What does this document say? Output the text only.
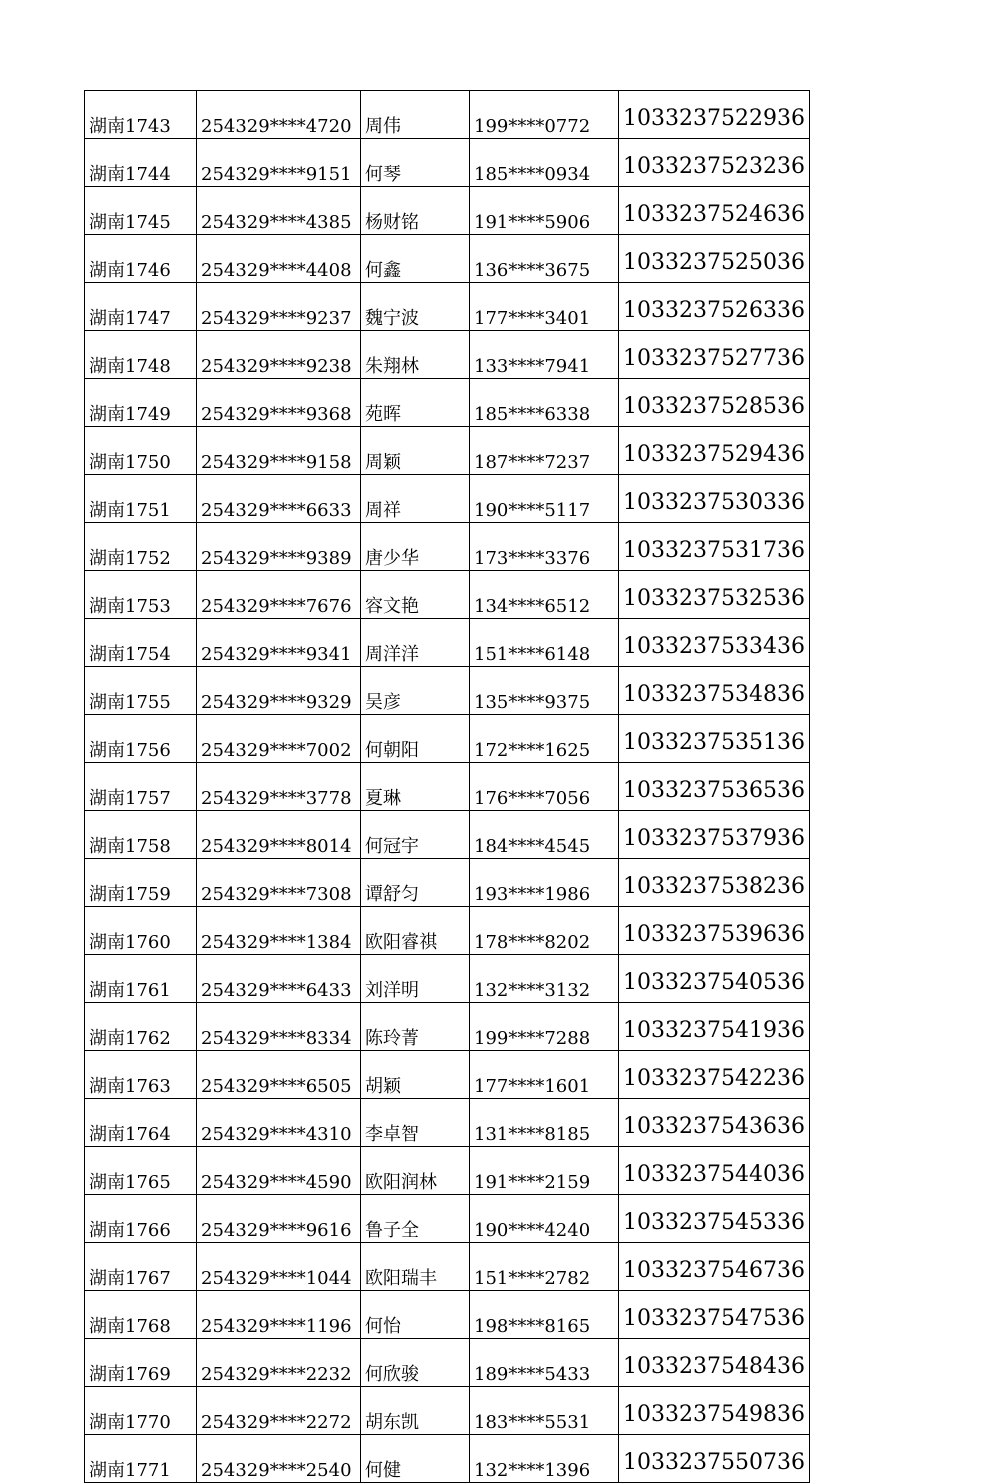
湖南1743	254329****4720	周伟	199****0772	1033237522936
湖南1744	254329****9151	何琴	185****0934	1033237523236
湖南1745	254329****4385	杨财铭	191****5906	1033237524636
湖南1746	254329****4408	何鑫	136****3675	1033237525036
湖南1747	254329****9237	魏宁波	177****3401	1033237526336
湖南1748	254329****9238	朱翔林	133****7941	1033237527736
湖南1749	254329****9368	苑晖	185****6338	1033237528536
湖南1750	254329****9158	周颖	187****7237	1033237529436
湖南1751	254329****6633	周祥	190****5117	1033237530336
湖南1752	254329****9389	唐少华	173****3376	1033237531736
湖南1753	254329****7676	容文艳	134****6512	1033237532536
湖南1754	254329****9341	周洋洋	151****6148	1033237533436
湖南1755	254329****9329	吴彦	135****9375	1033237534836
湖南1756	254329****7002	何朝阳	172****1625	1033237535136
湖南1757	254329****3778	夏琳	176****7056	1033237536536
湖南1758	254329****8014	何冠宇	184****4545	1033237537936
湖南1759	254329****7308	谭舒匀	193****1986	1033237538236
湖南1760	254329****1384	欧阳睿祺	178****8202	1033237539636
湖南1761	254329****6433	刘洋明	132****3132	1033237540536
湖南1762	254329****8334	陈玲菁	199****7288	1033237541936
湖南1763	254329****6505	胡颖	177****1601	1033237542236
湖南1764	254329****4310	李卓智	131****8185	1033237543636
湖南1765	254329****4590	欧阳润林	191****2159	1033237544036
湖南1766	254329****9616	鲁子全	190****4240	1033237545336
湖南1767	254329****1044	欧阳瑞丰	151****2782	1033237546736
湖南1768	254329****1196	何怡	198****8165	1033237547536
湖南1769	254329****2232	何欣骏	189****5433	1033237548436
湖南1770	254329****2272	胡东凯	183****5531	1033237549836
湖南1771	254329****2540	何健	132****1396	1033237550736
